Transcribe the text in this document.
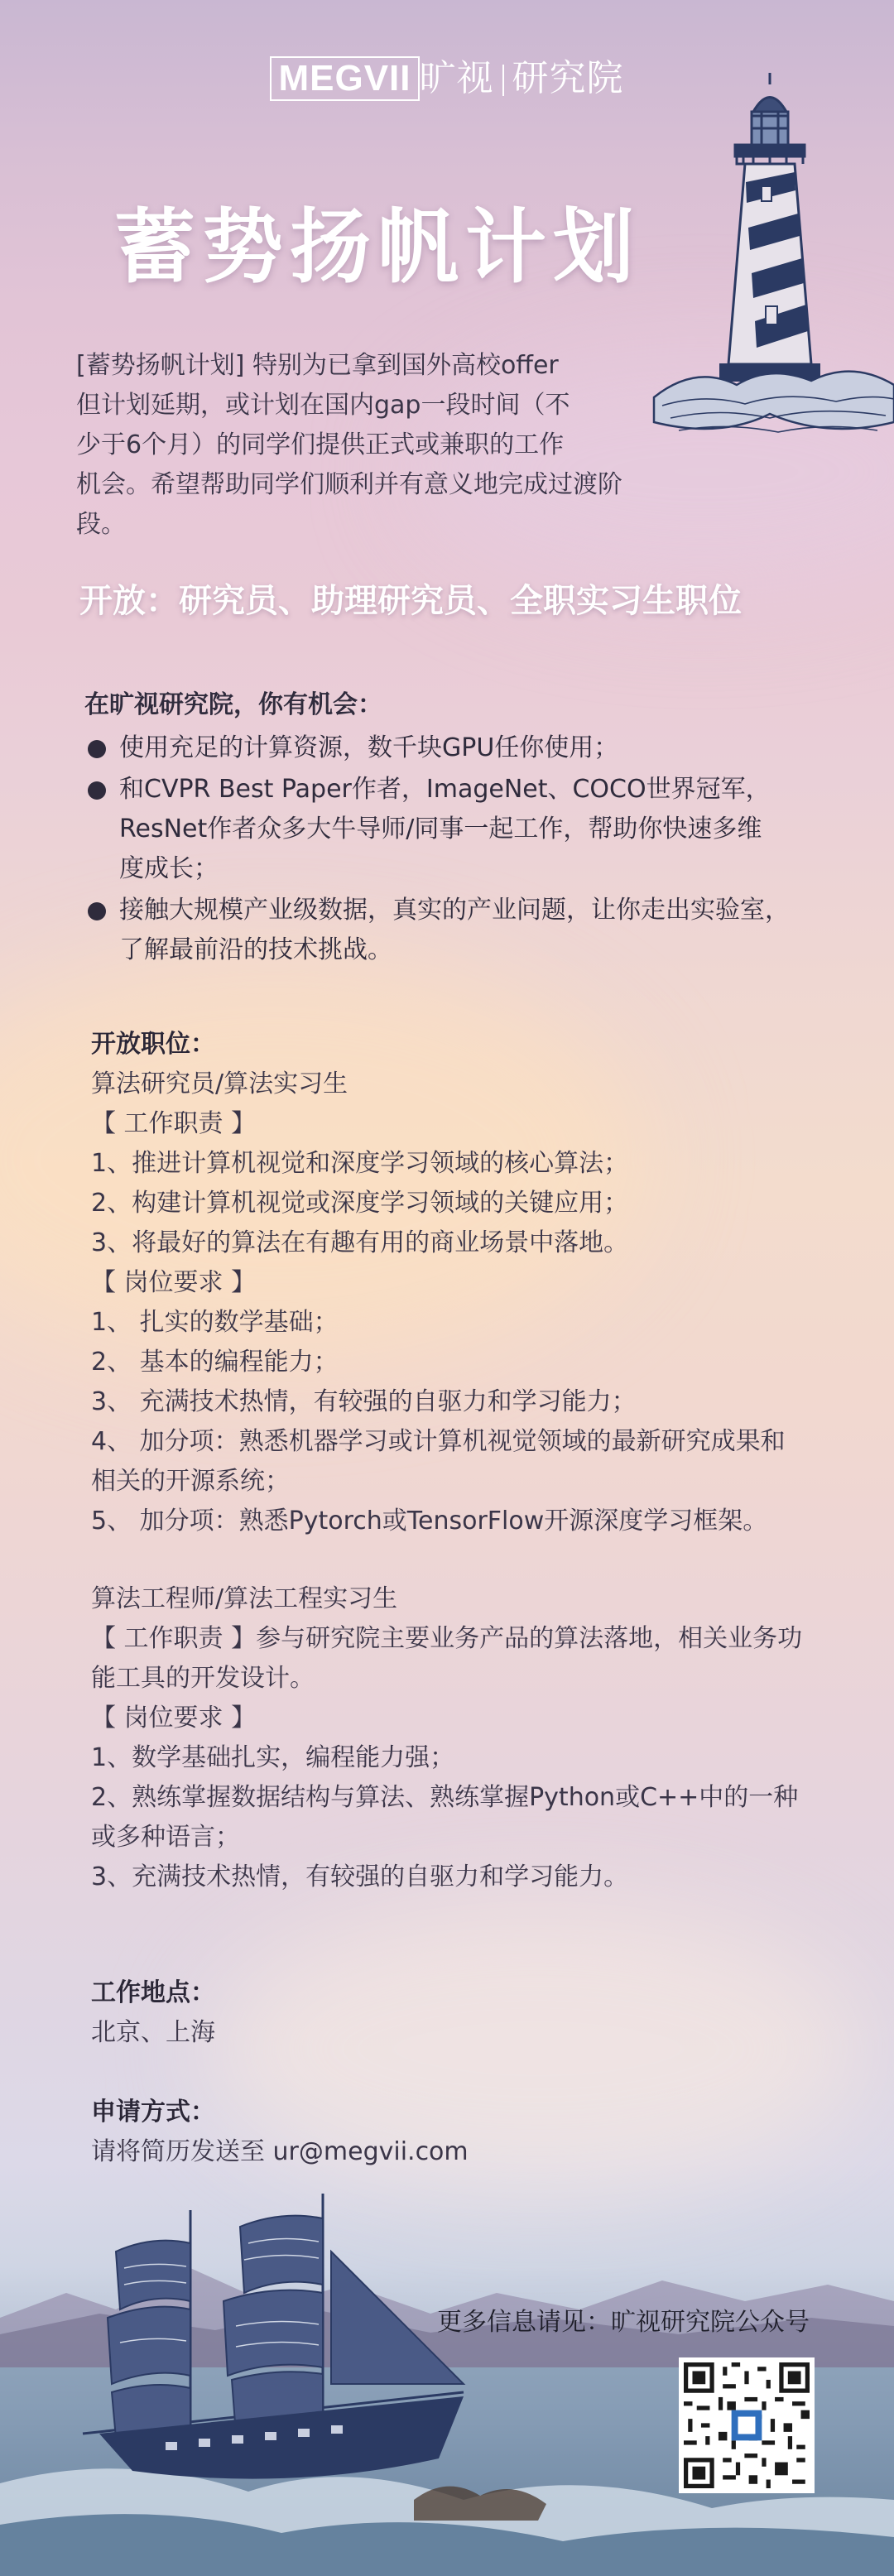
MEGVII 旷视 研究院
蓄势扬帆计划
[蓄势扬帆计划] 特别为已拿到国外高校offer
但计划延期，或计划在国内gap一段时间（不
少于6个月）的同学们提供正式或兼职的工作
机会。希望帮助同学们顺利并有意义地完成过渡阶段。
开放：研究员、助理研究员、全职实习生职位
在旷视研究院，你有机会：
使用充足的计算资源，数千块GPU任你使用；
和CVPR Best Paper作者，ImageNet、COCO世界冠军，
ResNet作者众多大牛导师/同事一起工作，帮助你快速多维
度成长；
接触大规模产业级数据，真实的产业问题，让你走出实验室，
了解最前沿的技术挑战。

开放职位：

算法研究员/算法实习生

【 工作职责 】

1、推进计算机视觉和深度学习领域的核心算法；

2、构建计算机视觉或深度学习领域的关键应用；

3、将最好的算法在有趣有用的商业场景中落地。

【 岗位要求 】

1、 扎实的数学基础；

2、 基本的编程能力；

3、 充满技术热情，有较强的自驱力和学习能力；

4、 加分项：熟悉机器学习或计算机视觉领域的最新研究成果和

相关的开源系统；

5、 加分项：熟悉Pytorch或TensorFlow开源深度学习框架。

算法工程师/算法工程实习生

【 工作职责 】参与研究院主要业务产品的算法落地，相关业务功

能工具的开发设计。

【 岗位要求 】

1、数学基础扎实，编程能力强；

2、熟练掌握数据结构与算法、熟练掌握Python或C++中的一种

或多种语言；

3、充满技术热情，有较强的自驱力和学习能力。

工作地点：
北京、上海
申请方式：
请将简历发送至 ur@megvii.com
更多信息请见：旷视研究院公众号
